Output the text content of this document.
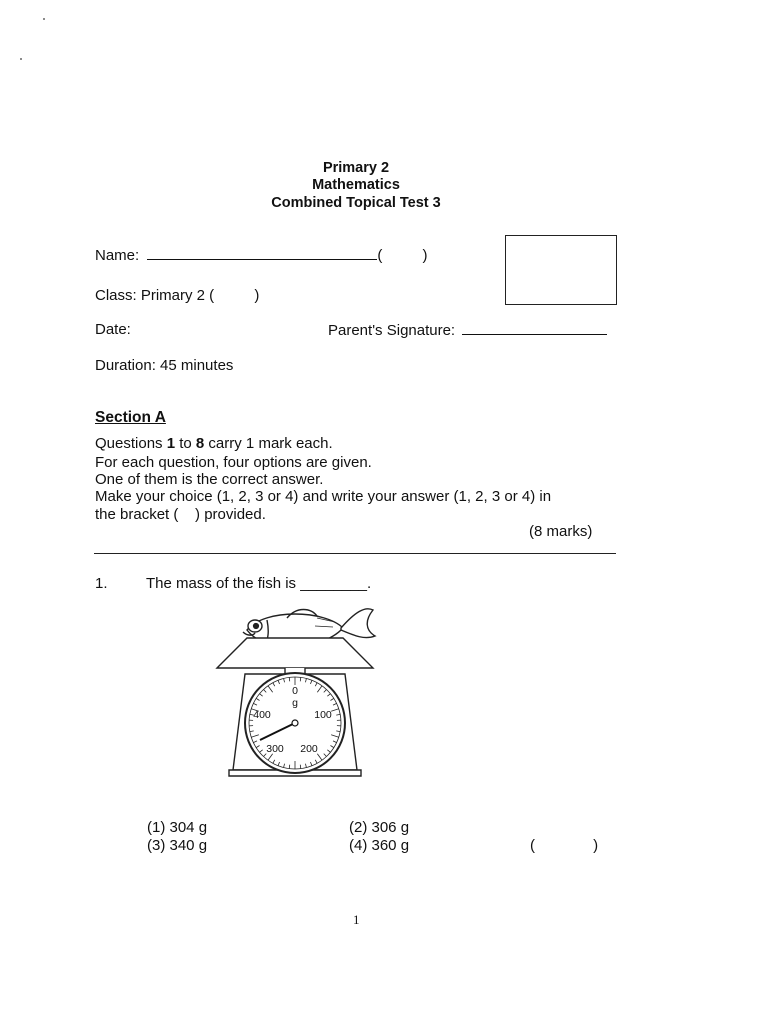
Primary 2
Mathematics
Combined Topical Test 3
Name:	(	)
Class: Primary 2 (	)
Date:	Parent's Signature:
Duration: 45 minutes
Section A
Questions 1 to 8 carry 1 mark each.
For each question, four options are given.
One of them is the correct answer.
Make your choice (1, 2, 3 or 4) and write your answer (1, 2, 3 or 4) in
the bracket (    ) provided.
(8 marks)
1.	The mass of the fish is ________.
0
g
100
200
300
400
(1) 304 g	(2) 306 g
(3) 340 g	(4) 360 g	(	)
1
